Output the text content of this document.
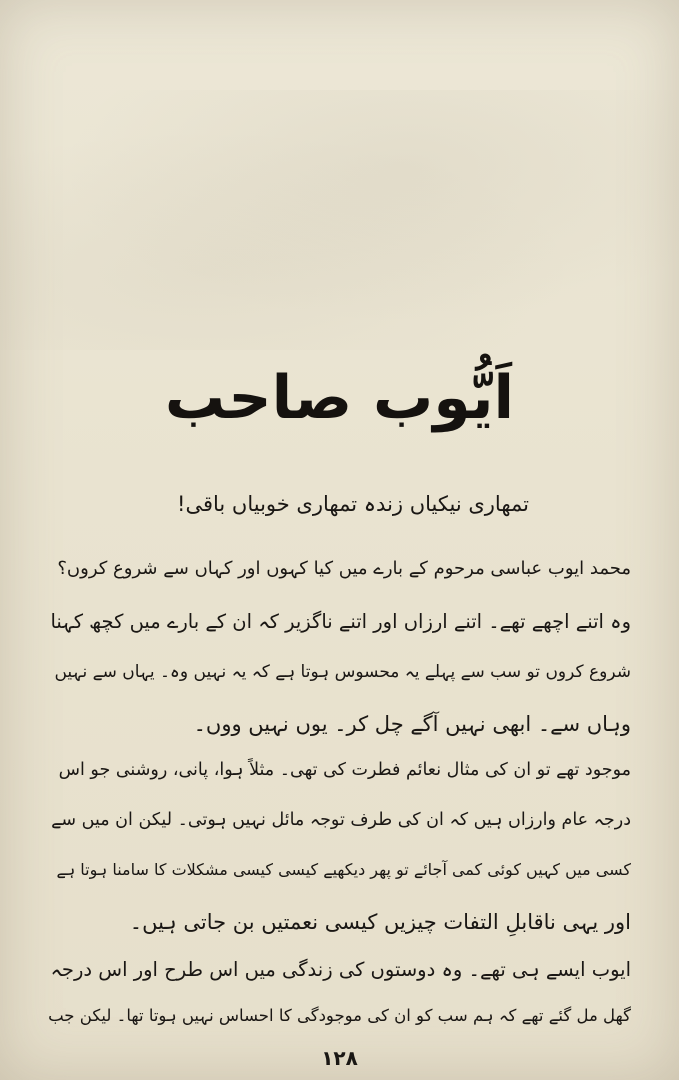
اَیُّوب صاحب
تمھاری نیکیاں زندہ تمھاری خوبیاں باقی!
محمد ایوب عباسی مرحوم کے بارے میں کیا کہوں اور کہاں سے شروع کروں؟
وہ اتنے اچھے تھے۔ اتنے ارزاں اور اتنے ناگزیر کہ ان کے بارے میں کچھ کہنا
شروع کروں تو سب سے پہلے یہ محسوس ہوتا ہے کہ یہ نہیں وہ۔ یہاں سے نہیں
وہاں سے۔ ابھی نہیں آگے چل کر۔ یوں نہیں ووں۔
موجود تھے تو ان کی مثال نعائم فطرت کی تھی۔ مثلاً ہوا، پانی، روشنی جو اس
درجہ عام وارزاں ہیں کہ ان کی طرف توجہ مائل نہیں ہوتی۔ لیکن ان میں سے
کسی میں کہیں کوئی کمی آجائے تو پھر دیکھیے کیسی کیسی مشکلات کا سامنا ہوتا ہے
اور یہی ناقابلِ التفات چیزیں کیسی نعمتیں بن جاتی ہیں۔
ایوب ایسے ہی تھے۔ وہ دوستوں کی زندگی میں اس طرح اور اس درجہ
گھل مل گئے تھے کہ ہم سب کو ان کی موجودگی کا احساس نہیں ہوتا تھا۔ لیکن جب
۱۲۸
